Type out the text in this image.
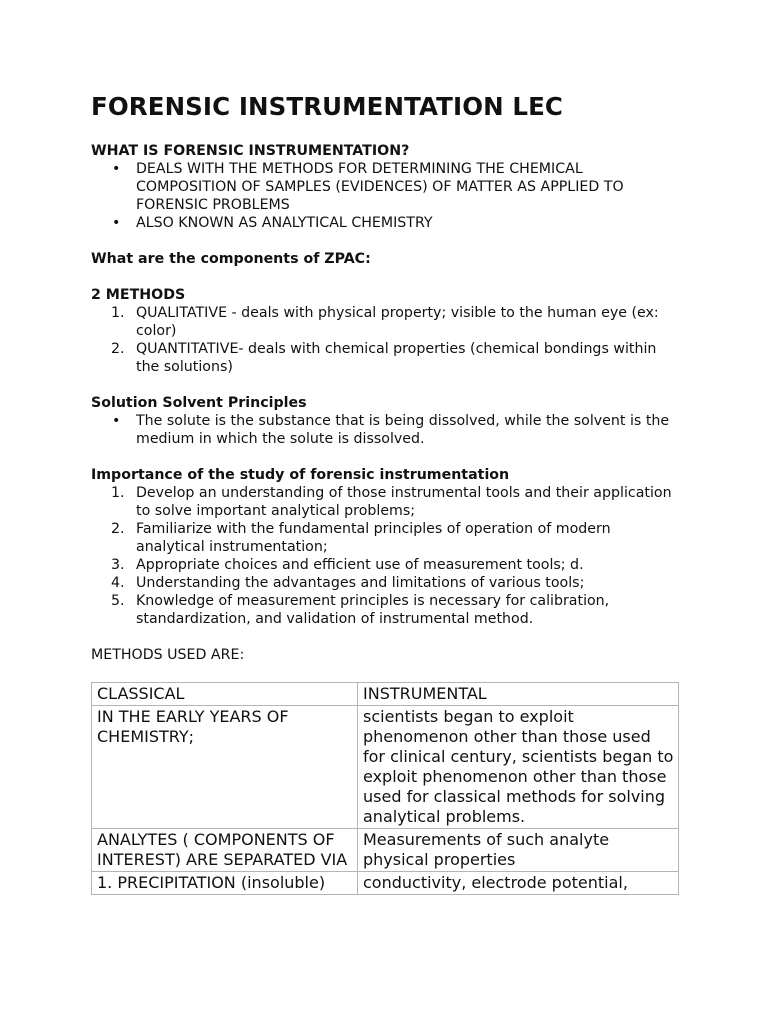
FORENSIC INSTRUMENTATION LEC
WHAT IS FORENSIC INSTRUMENTATION?
• DEALS WITH THE METHODS FOR DETERMINING THE CHEMICAL COMPOSITION OF SAMPLES (EVIDENCES) OF MATTER AS APPLIED TO FORENSIC PROBLEMS
• ALSO KNOWN AS ANALYTICAL CHEMISTRY
What are the components of ZPAC:
2 METHODS
1. QUALITATIVE - deals with physical property; visible to the human eye (ex: color)
2. QUANTITATIVE- deals with chemical properties (chemical bondings within the solutions)
Solution Solvent Principles
• The solute is the substance that is being dissolved, while the solvent is the medium in which the solute is dissolved.
Importance of the study of forensic instrumentation
1. Develop an understanding of those instrumental tools and their application to solve important analytical problems;
2. Familiarize with the fundamental principles of operation of modern analytical instrumentation;
3. Appropriate choices and efficient use of measurement tools; d.
4. Understanding the advantages and limitations of various tools;
5. Knowledge of measurement principles is necessary for calibration, standardization, and validation of instrumental method.
METHODS USED ARE:
CLASSICAL	INSTRUMENTAL
IN THE EARLY YEARS OF CHEMISTRY;	scientists began to exploit phenomenon other than those used for clinical century, scientists began to exploit phenomenon other than those used for classical methods for solving analytical problems.
ANALYTES ( COMPONENTS OF INTEREST) ARE SEPARATED VIA	Measurements of such analyte physical properties
1. PRECIPITATION (insoluble)	conductivity, electrode potential,
